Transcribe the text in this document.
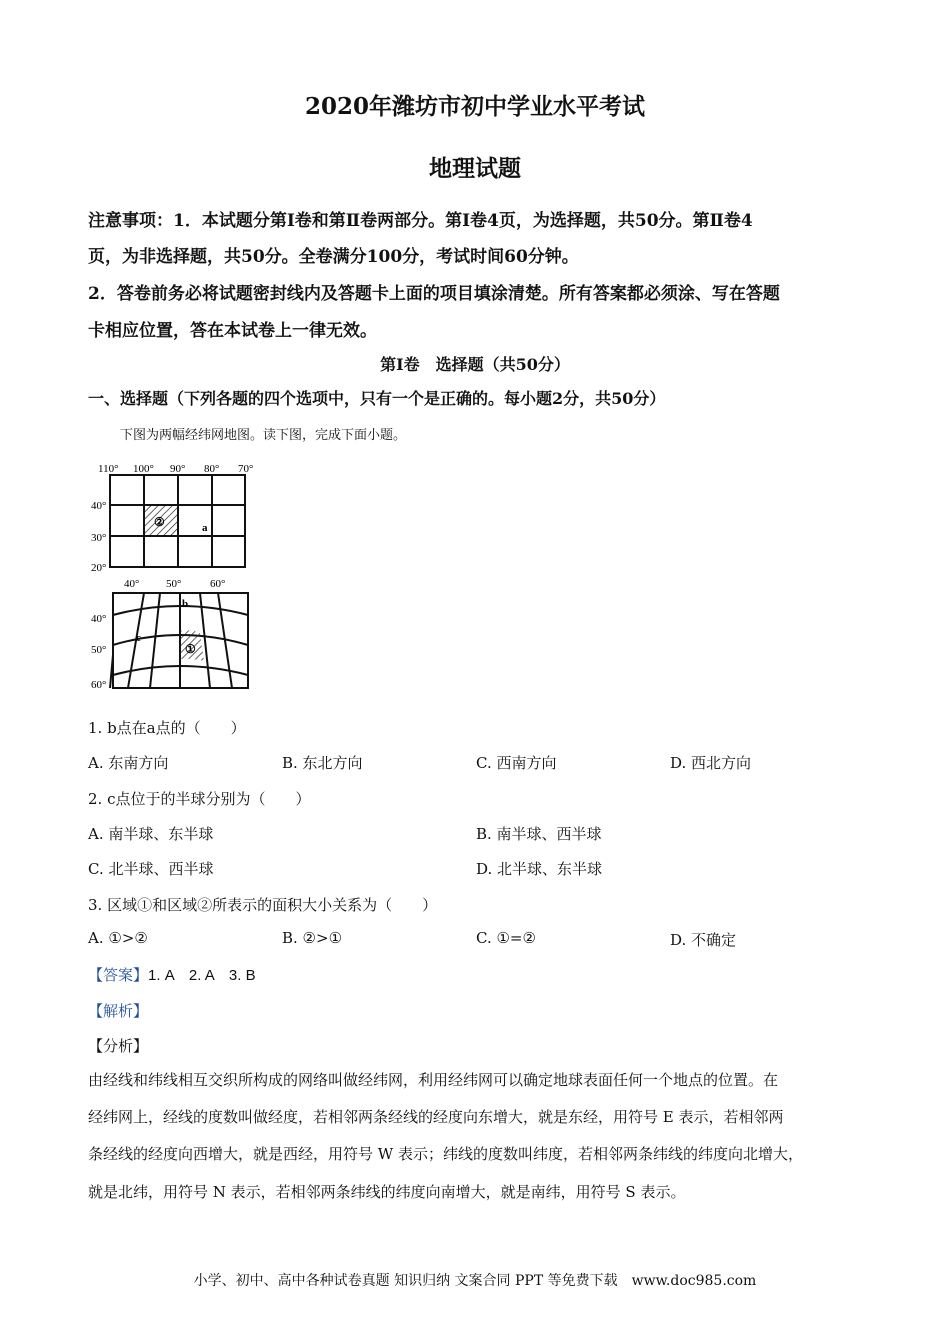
2020年潍坊市初中学业水平考试
地理试题
注意事项：1．本试题分第Ⅰ卷和第Ⅱ卷两部分。第Ⅰ卷4页，为选择题，共50分。第Ⅱ卷4
页，为非选择题，共50分。全卷满分100分，考试时间60分钟。
2．答卷前务必将试题密封线内及答题卡上面的项目填涂清楚。所有答案都必须涂、写在答题
卡相应位置，答在本试卷上一律无效。
第Ⅰ卷　选择题（共50分）
一、选择题（下列各题的四个选项中，只有一个是正确的。每小题2分，共50分）
下图为两幅经纬网地图。读下图，完成下面小题。
110° 100° 90° 80° 70°
40°
30°
20°
②	a
40° 50°	60°
40°
50°
60°
①
b
c
1. b点在a点的（　　）
A. 东南方向	B. 东北方向	C. 西南方向	D. 西北方向
2. c点位于的半球分别为（　　）
A. 南半球、东半球	B. 南半球、西半球
C. 北半球、西半球	D. 北半球、东半球
3. 区域①和区域②所表示的面积大小关系为（　　）
A. ①>②	B. ②>①	C. ①=②	D. 不确定
【答案】1. A　2. A　3. B
【解析】
【分析】
由经线和纬线相互交织所构成的网络叫做经纬网，利用经纬网可以确定地球表面任何一个地点的位置。在
经纬网上，经线的度数叫做经度，若相邻两条经线的经度向东增大，就是东经，用符号 E 表示，若相邻两
条经线的经度向西增大，就是西经，用符号 W 表示；纬线的度数叫纬度，若相邻两条纬线的纬度向北增大，
就是北纬，用符号 N 表示，若相邻两条纬线的纬度向南增大，就是南纬，用符号 S 表示。
小学、初中、高中各种试卷真题 知识归纳 文案合同 PPT 等免费下载　www.doc985.com
